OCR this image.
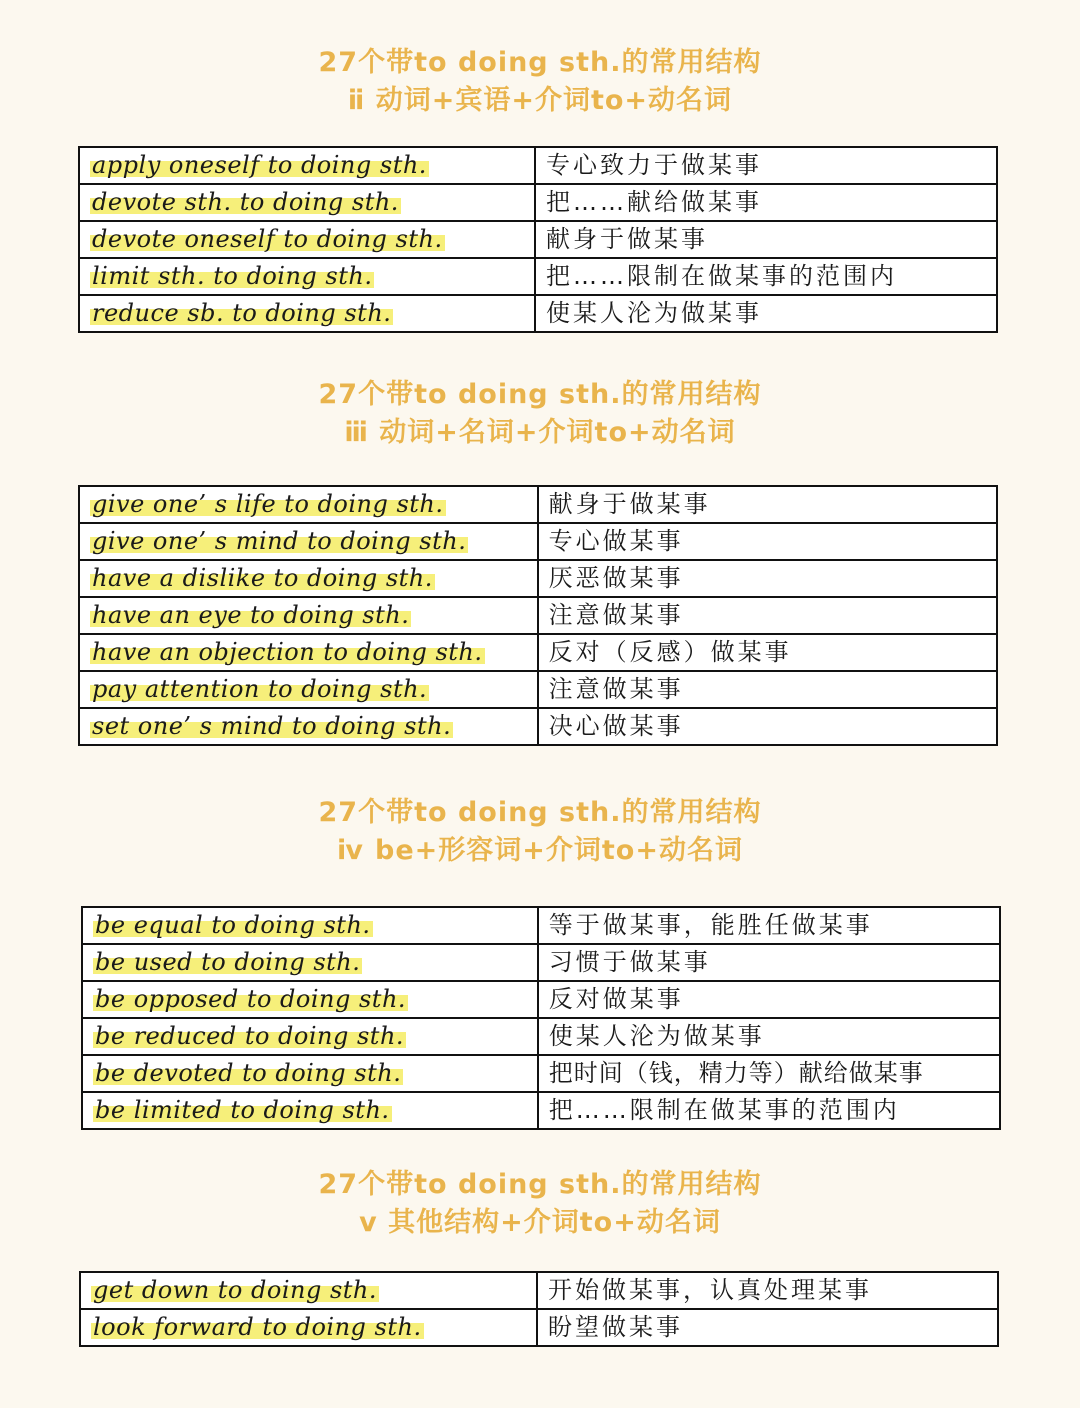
27个带to doing sth.的常用结构
ⅱ 动词+宾语+介词to+动名词
apply oneself to doing sth.	专心致力于做某事
devote sth. to doing sth.	把……献给做某事
devote oneself to doing sth.	献身于做某事
limit sth. to doing sth.	把……限制在做某事的范围内
reduce sb. to doing sth.	使某人沦为做某事
27个带to doing sth.的常用结构
ⅲ 动词+名词+介词to+动名词
give one’ s life to doing sth.	献身于做某事
give one’ s mind to doing sth.	专心做某事
have a dislike to doing sth.	厌恶做某事
have an eye to doing sth.	注意做某事
have an objection to doing sth.	反对（反感）做某事
pay attention to doing sth.	注意做某事
set one’ s mind to doing sth.	决心做某事
27个带to doing sth.的常用结构
ⅳ be+形容词+介词to+动名词
be equal to doing sth.	等于做某事，能胜任做某事
be used to doing sth.	习惯于做某事
be opposed to doing sth.	反对做某事
be reduced to doing sth.	使某人沦为做某事
be devoted to doing sth.	把时间（钱，精力等）献给做某事
be limited to doing sth.	把……限制在做某事的范围内
27个带to doing sth.的常用结构
ⅴ 其他结构+介词to+动名词
get down to doing sth.	开始做某事，认真处理某事
look forward to doing sth.	盼望做某事
